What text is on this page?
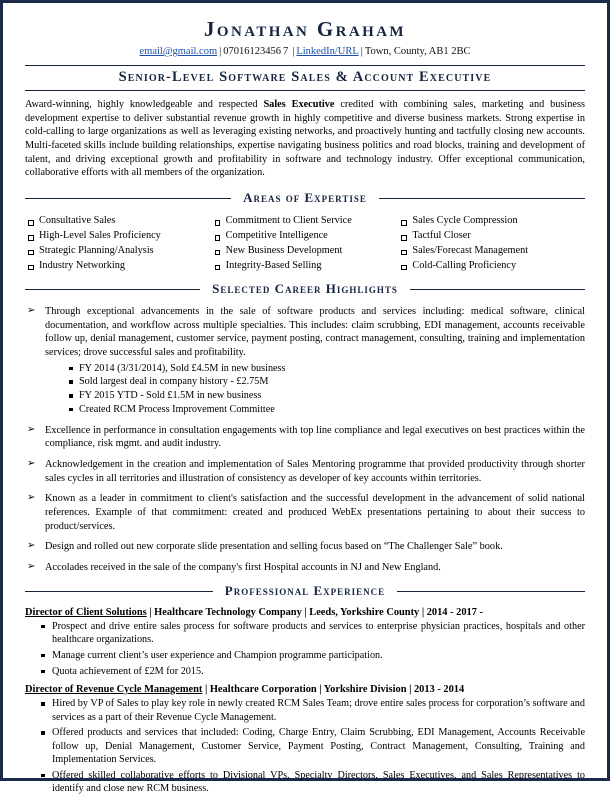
Jonathan Graham
email@gmail.com | 07016123456 7 | LinkedIn/URL | Town, County, AB1 2BC
Senior-Level Software Sales & Account Executive
Award-winning, highly knowledgeable and respected Sales Executive credited with combining sales, marketing and business development expertise to deliver substantial revenue growth in highly competitive and diverse business markets. Strong expertise in cold-calling to large organizations as well as leveraging existing networks, and proactively hunting and tactfully closing new accounts. Multi-faceted skills include building relationships, expertise navigating business politics and road blocks, training and development of talent, and driving exceptional growth and profitability in software and technology industry. Offer exceptional communication, collaborative efforts with all members of the organization.
Areas of Expertise
Consultative Sales
High-Level Sales Proficiency
Strategic Planning/Analysis
Industry Networking
Commitment to Client Service
Competitive Intelligence
New Business Development
Integrity-Based Selling
Sales Cycle Compression
Tactful Closer
Sales/Forecast Management
Cold-Calling Proficiency
Selected Career Highlights
➢ Through exceptional advancements in the sale of software products and services including: medical software, clinical documentation, and workflow across multiple specialties. This includes: claim scrubbing, EDI management, accounts receivable follow up, denial management, customer service, payment posting, contract management, consulting, training and implementation services; drove successful sales and profitability.
FY 2014 (3/31/2014), Sold £4.5M in new business
Sold largest deal in company history - £2.75M
FY 2015 YTD - Sold £1.5M in new business
Created RCM Process Improvement Committee
➢ Excellence in performance in consultation engagements with top line compliance and legal executives on best practices within the compliance, risk mgmt. and audit industry.
➢ Acknowledgement in the creation and implementation of Sales Mentoring programme that provided productivity through shorter sales cycles in all territories and illustration of consistency as developer of key accounts within territories.
➢ Known as a leader in commitment to client's satisfaction and the successful development in the advancement of solid national references. Example of that commitment: created and produced WebEx presentations pertaining to about their success to product/services.
➢ Design and rolled out new corporate slide presentation and selling focus based on “The Challenger Sale” book.
➢ Accolades received in the sale of the company's first Hospital accounts in NJ and New England.
Professional Experience
Director of Client Solutions | Healthcare Technology Company | Leeds, Yorkshire County | 2014 - 2017 -
Prospect and drive entire sales process for software products and services to enterprise physician practices, hospitals and other healthcare organizations.
Manage current client’s user experience and Champion programme participation.
Quota achievement of £2M for 2015.
Director of Revenue Cycle Management | Healthcare Corporation | Yorkshire Division | 2013 - 2014
Hired by VP of Sales to play key role in newly created RCM Sales Team; drove entire sales process for corporation’s software and services as a part of their Revenue Cycle Management.
Offered products and services that included: Coding, Charge Entry, Claim Scrubbing, EDI Management, Accounts Receivable follow up, Denial Management, Customer Service, Payment Posting, Contract Management, Consulting, Training and Implementation Services.
Offered skilled collaborative efforts to Divisional VPs, Specialty Directors, Sales Executives, and Sales Representatives to identify and close new RCM business.
